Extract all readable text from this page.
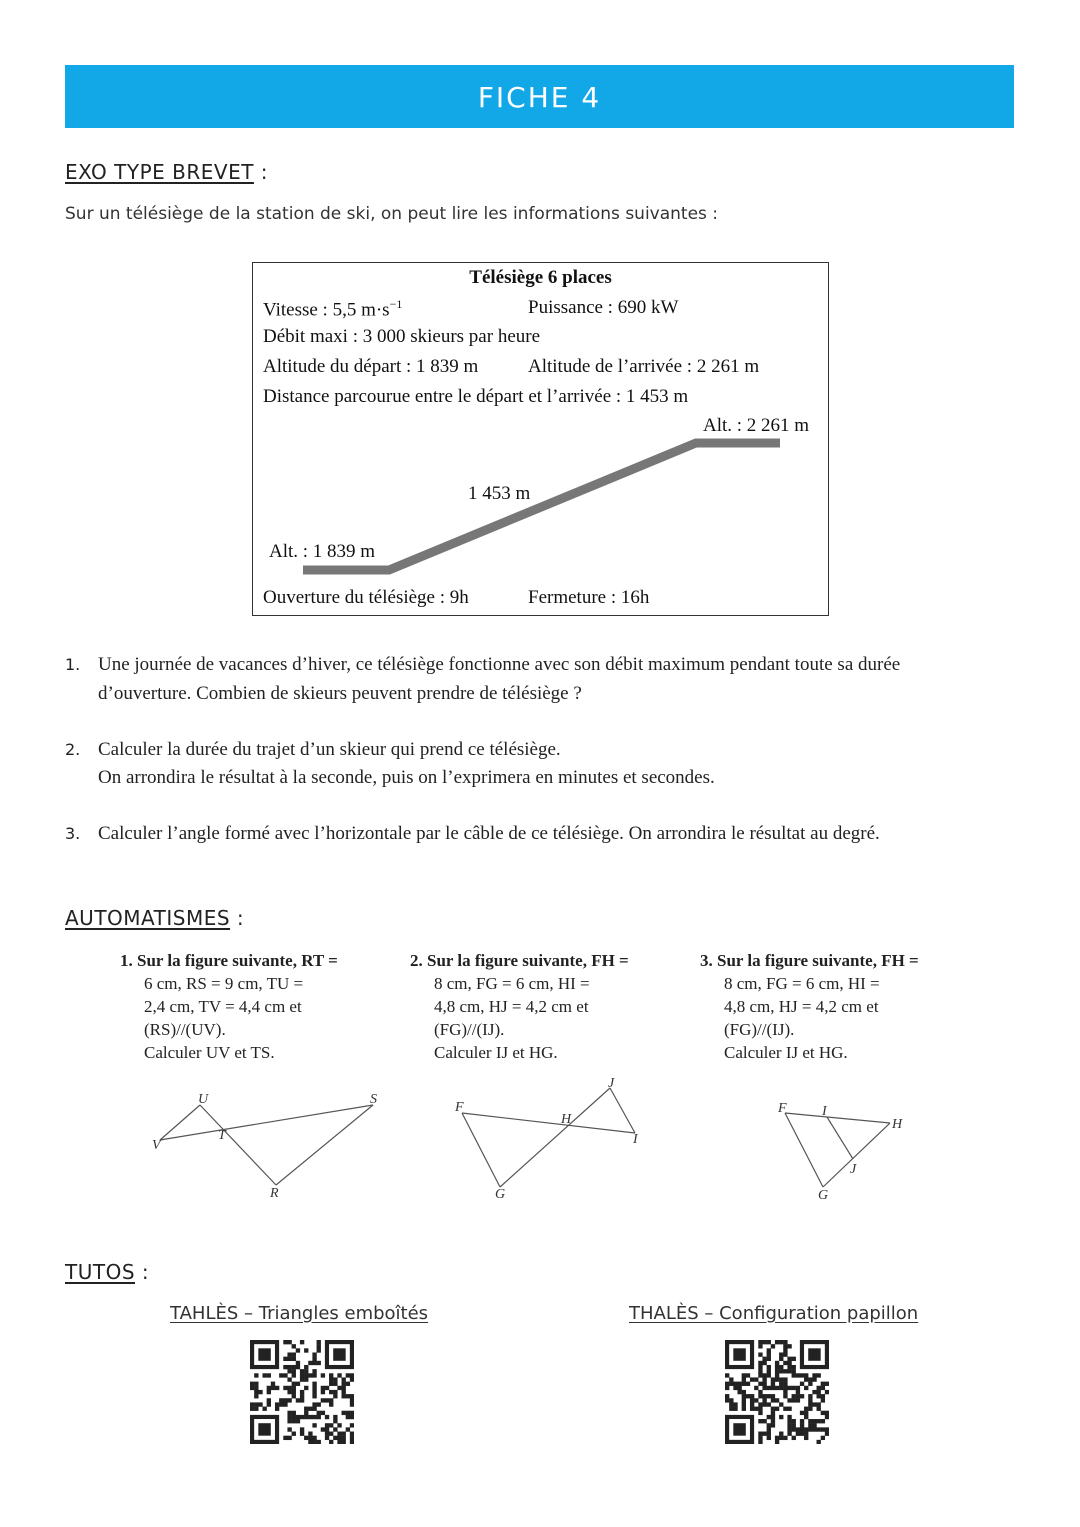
FICHE 4
EXO TYPE BREVET :
Sur un télésiège de la station de ski, on peut lire les informations suivantes :
Télésiège 6 places
Vitesse : 5,5 $m\cdot s^{-1}$	Puissance : 690 kW
Débit maxi : 3 000 skieurs par heure
Altitude du départ : 1 839 m	Altitude de l’arrivée : 2 261 m
Distance parcourue entre le départ et l’arrivée : 1 453 m
Alt. : 2 261 m
1 453 m
Alt. : 1 839 m
Ouverture du télésiège : 9h	Fermeture : 16h
1. Une journée de vacances d’hiver, ce télésiège fonctionne avec son débit maximum pendant toute sa durée
d’ouverture. Combien de skieurs peuvent prendre de télésiège ?
2. Calculer la durée du trajet d’un skieur qui prend ce télésiège.
On arrondira le résultat à la seconde, puis on l’exprimera en minutes et secondes.
3. Calculer l’angle formé avec l’horizontale par le câble de ce télésiège. On arrondira le résultat au degré.
AUTOMATISMES :
1. Sur la figure suivante, RT =
6 cm, RS = 9 cm, TU =
2,4 cm, TV = 4,4 cm et
(RS)//(UV).
Calculer UV et TS.
2. Sur la figure suivante, FH =
8 cm, FG = 6 cm, HI =
4,8 cm, HJ = 4,2 cm et
(FG)//(IJ).
Calculer IJ et HG.
3. Sur la figure suivante, FH =
8 cm, FG = 6 cm, HI =
4,8 cm, HJ = 4,2 cm et
(FG)//(IJ).
Calculer IJ et HG.
U	S
V
T
R
J
F
H
I
G
F	I
H
J
G
TUTOS :
TAHLÈS – Triangles emboîtés	THALÈS – Configuration papillon
